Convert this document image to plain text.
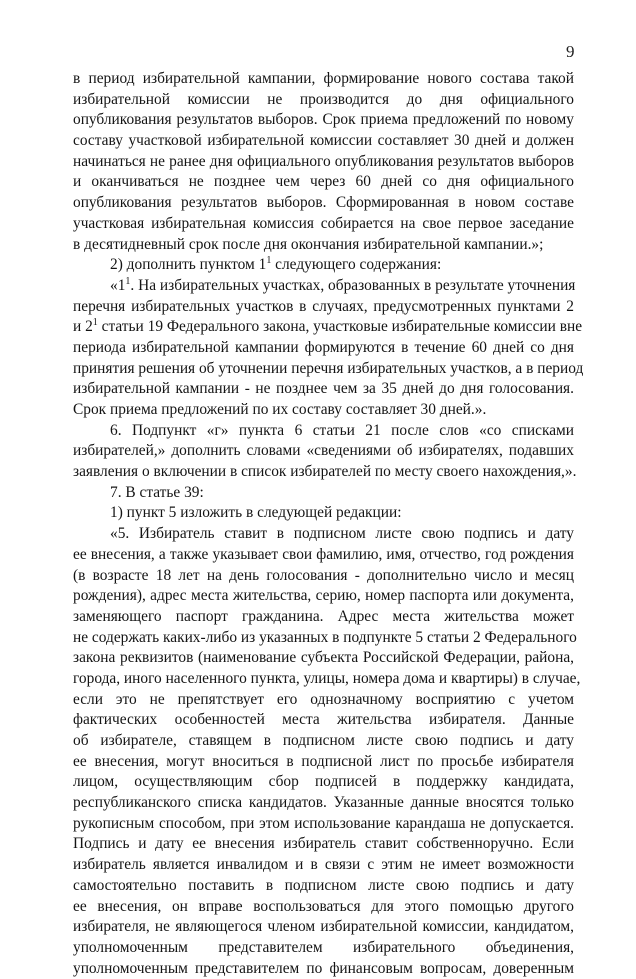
9
в период избирательной кампании, формирование нового состава такой
избирательной комиссии не производится до дня официального
опубликования результатов выборов. Срок приема предложений по новому
составу участковой избирательной комиссии составляет 30 дней и должен
начинаться не ранее дня официального опубликования результатов выборов
и оканчиваться не позднее чем через 60 дней со дня официального
опубликования результатов выборов. Сформированная в новом составе
участковая избирательная комиссия собирается на свое первое заседание
в десятидневный срок после дня окончания избирательной кампании.»;
2) дополнить пунктом $1^1$ следующего содержания:
«$1^1$. На избирательных участках, образованных в результате уточнения
перечня избирательных участков в случаях, предусмотренных пунктами 2
и $2^1$ статьи 19 Федерального закона, участковые избирательные комиссии вне
периода избирательной кампании формируются в течение 60 дней со дня
принятия решения об уточнении перечня избирательных участков, а в период
избирательной кампании - не позднее чем за 35 дней до дня голосования.
Срок приема предложений по их составу составляет 30 дней.».
6. Подпункт «г» пункта 6 статьи 21 после слов «со списками
избирателей,» дополнить словами «сведениями об избирателях, подавших
заявления о включении в список избирателей по месту своего нахождения,».
7. В статье 39:
1) пункт 5 изложить в следующей редакции:
«5. Избиратель ставит в подписном листе свою подпись и дату
ее внесения, а также указывает свои фамилию, имя, отчество, год рождения
(в возрасте 18 лет на день голосования - дополнительно число и месяц
рождения), адрес места жительства, серию, номер паспорта или документа,
заменяющего паспорт гражданина. Адрес места жительства может
не содержать каких-либо из указанных в подпункте 5 статьи 2 Федерального
закона реквизитов (наименование субъекта Российской Федерации, района,
города, иного населенного пункта, улицы, номера дома и квартиры) в случае,
если это не препятствует его однозначному восприятию с учетом
фактических особенностей места жительства избирателя. Данные
об избирателе, ставящем в подписном листе свою подпись и дату
ее внесения, могут вноситься в подписной лист по просьбе избирателя
лицом, осуществляющим сбор подписей в поддержку кандидата,
республиканского списка кандидатов. Указанные данные вносятся только
рукописным способом, при этом использование карандаша не допускается.
Подпись и дату ее внесения избиратель ставит собственноручно. Если
избиратель является инвалидом и в связи с этим не имеет возможности
самостоятельно поставить в подписном листе свою подпись и дату
ее внесения, он вправе воспользоваться для этого помощью другого
избирателя, не являющегося членом избирательной комиссии, кандидатом,
уполномоченным представителем избирательного объединения,
уполномоченным представителем по финансовым вопросам, доверенным
